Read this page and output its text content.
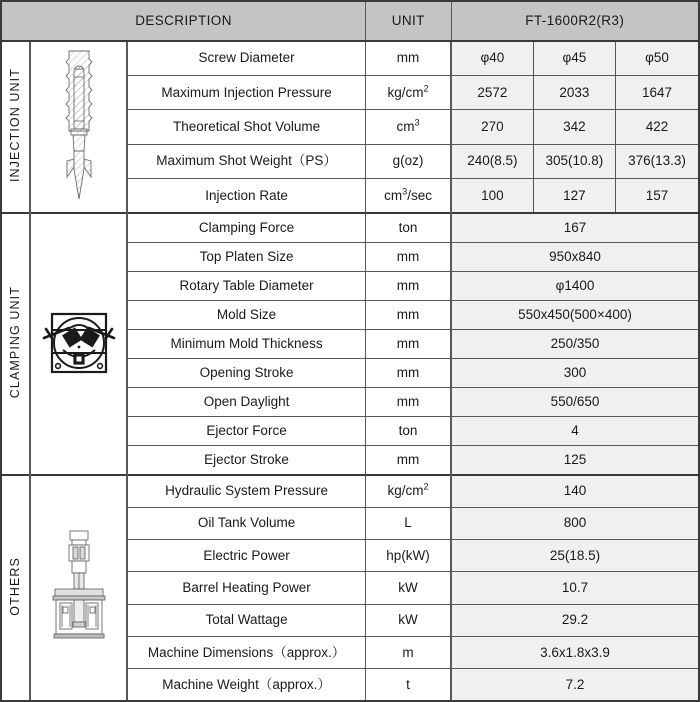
DESCRIPTION			UNIT	FT-1600R2(R3)		
INJECTION UNIT		Screw Diameter	mm	φ40	φ45	φ50
		Maximum Injection Pressure	$kg/cm^2$	2572	2033	1647
		Theoretical Shot Volume	$cm^3$	270	342	422
		Maximum Shot Weight（PS）	g(oz)	240(8.5)	305(10.8)	376(13.3)
		Injection Rate	$cm^3/\sec$	100	127	157
CLAMPING UNIT		Clamping Force	ton	167		
		Top Platen Size	mm	950x840		
		Rotary Table Diameter	mm	φ1400		
		Mold Size	mm	550x450(500×400)		
		Minimum Mold Thickness	mm	250/350		
		Opening Stroke	mm	300		
		Open Daylight	mm	550/650		
		Ejector Force	ton	4		
		Ejector Stroke	mm	125		
OTHERS		Hydraulic System Pressure	$kg/cm^2$	140		
		Oil Tank Volume	L	800		
		Electric Power	hp(kW)	25(18.5)		
		Barrel Heating Power	kW	10.7		
		Total Wattage	kW	29.2		
		Machine Dimensions（approx.）	m	3.6x1.8x3.9		
		Machine Weight（approx.）	t	7.2		
